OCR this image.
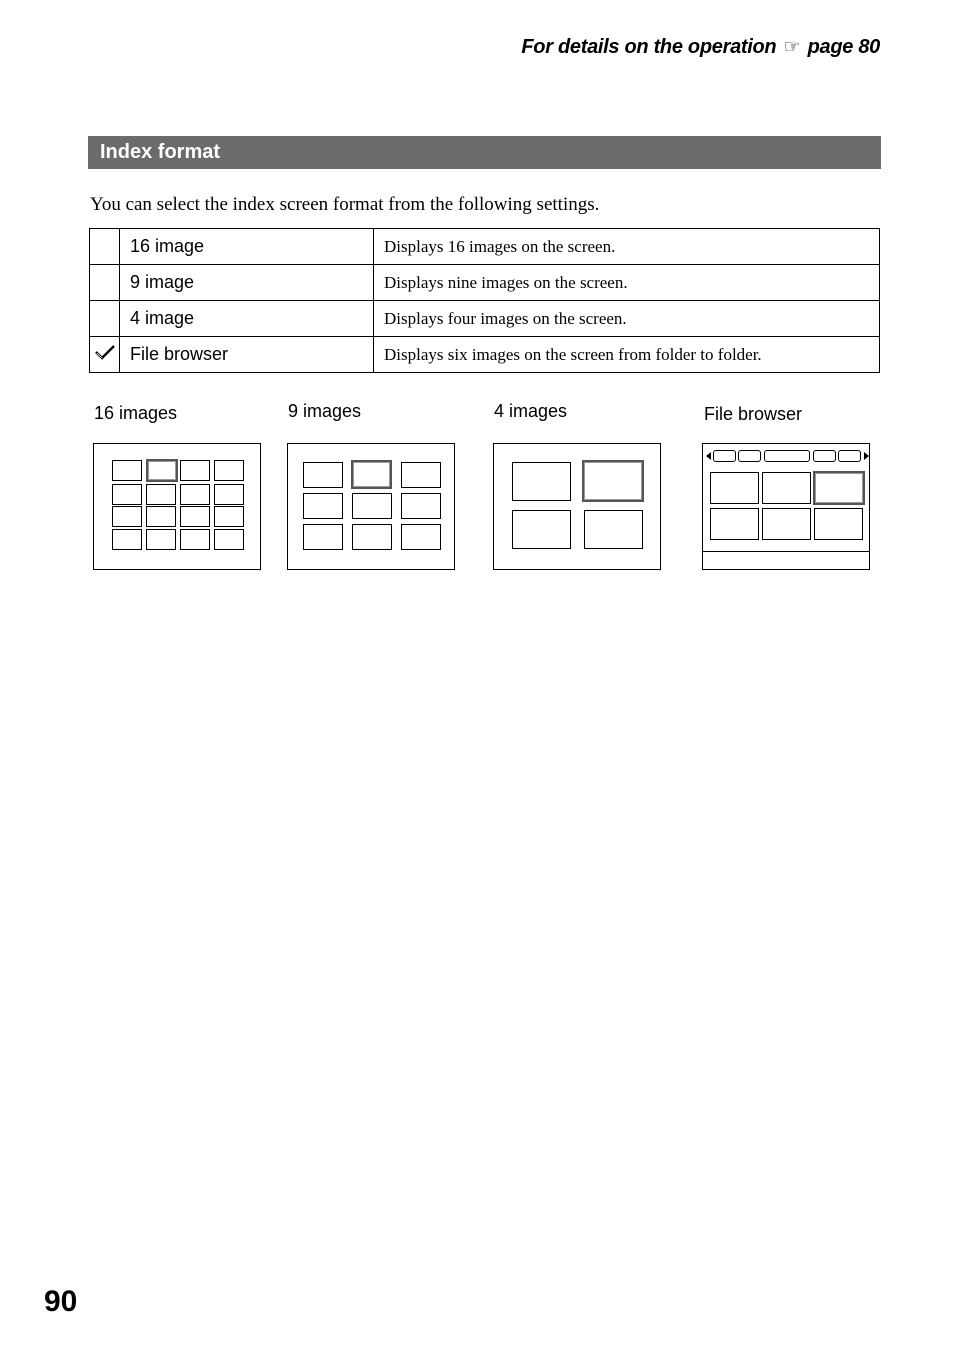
For details on the operation ☞ page 80
Index format
You can select the index screen format from the following settings.
	16 image	Displays 16 images on the screen.
	9 image	Displays nine images on the screen.
	4 image	Displays four images on the screen.
	File browser	Displays six images on the screen from folder to folder.
16 images	9 images	4 images	File browser
90
